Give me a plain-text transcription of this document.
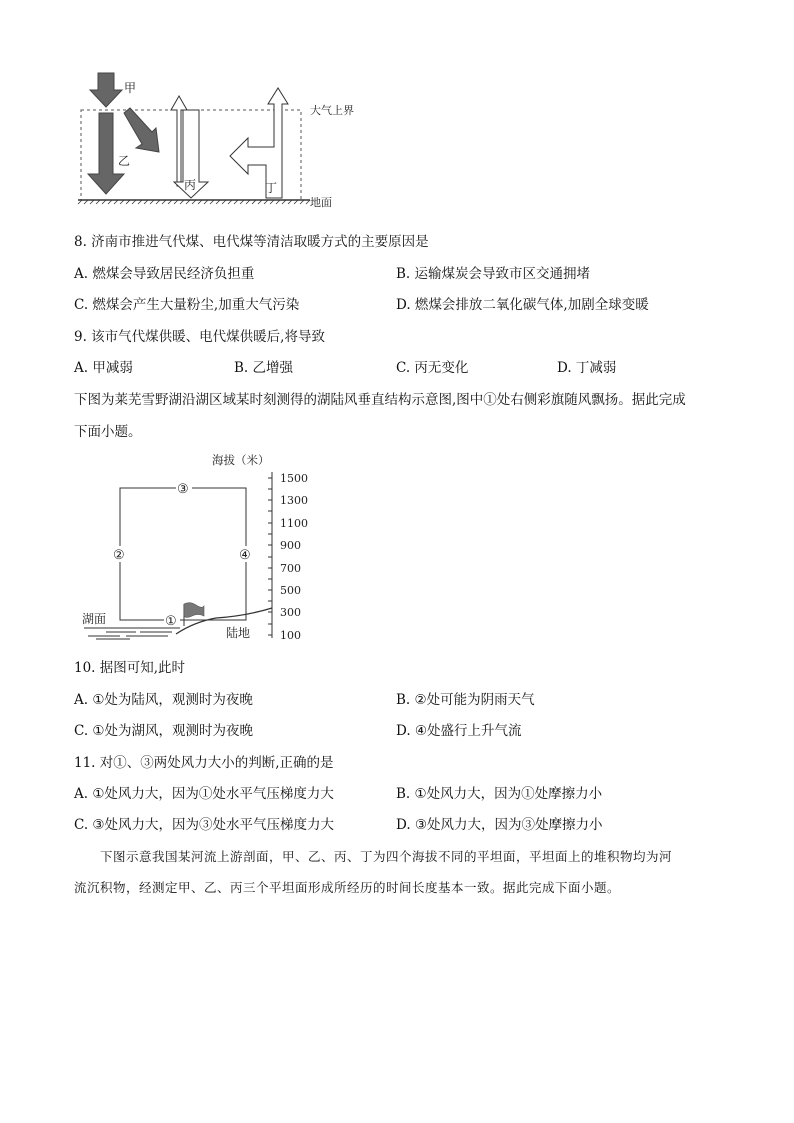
甲
乙
丙	丁
大气上界
地面
8. 济南市推进气代煤、电代煤等清洁取暖方式的主要原因是
A. 燃煤会导致居民经济负担重	B. 运输煤炭会导致市区交通拥堵
C. 燃煤会产生大量粉尘,加重大气污染	D. 燃煤会排放二氧化碳气体,加剧全球变暖
9. 该市气代煤供暖、电代煤供暖后,将导致
A. 甲减弱	B. 乙增强	C. 丙无变化	D. 丁减弱
下图为莱芜雪野湖沿湖区域某时刻测得的湖陆风垂直结构示意图,图中①处右侧彩旗随风飘扬。据此完成
下面小题。
海拔（米）
1500
1300
1100
900
700
500
300
100
③
②	④
①
湖面
陆地
10. 据图可知,此时
A. ①处为陆风，观测时为夜晚	B. ②处可能为阴雨天气
C. ①处为湖风，观测时为夜晚	D. ④处盛行上升气流
11. 对①、③两处风力大小的判断,正确的是
A. ①处风力大，因为①处水平气压梯度力大	B. ①处风力大，因为①处摩擦力小
C. ③处风力大，因为③处水平气压梯度力大	D. ③处风力大，因为③处摩擦力小
下图示意我国某河流上游剖面，甲、乙、丙、丁为四个海拔不同的平坦面，平坦面上的堆积物均为河
流沉积物，经测定甲、乙、丙三个平坦面形成所经历的时间长度基本一致。据此完成下面小题。
